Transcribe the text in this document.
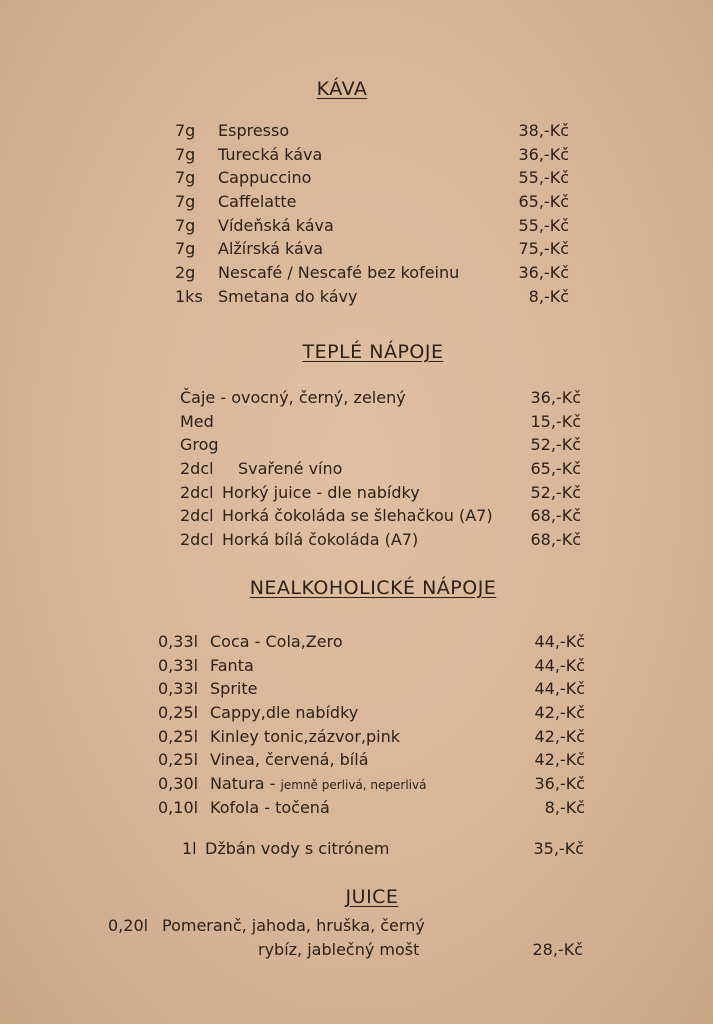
KÁVA
7g Espresso	38,-Kč
7g Turecká káva	36,-Kč
7g Cappuccino	55,-Kč
7g Caffelatte	65,-Kč
7g Vídeňská káva	55,-Kč
7g Alžírská káva	75,-Kč
2g Nescafé / Nescafé bez kofeinu	36,-Kč
1ks Smetana do kávy	8,-Kč
TEPLÉ NÁPOJE
Čaje - ovocný, černý, zelený	36,-Kč
Med	15,-Kč
Grog	52,-Kč
2dcl Svařené víno	65,-Kč
2dcl Horký juice - dle nabídky	52,-Kč
2dcl Horká čokoláda se šlehačkou (A7) 68,-Kč
2dcl Horká bílá čokoláda (A7)	68,-Kč
NEALKOHOLICKÉ NÁPOJE
0,33l Coca - Cola,Zero	44,-Kč
0,33l Fanta	44,-Kč
0,33l Sprite	44,-Kč
0,25l Cappy,dle nabídky	42,-Kč
0,25l Kinley tonic,zázvor,pink	42,-Kč
0,25l Vinea, červená, bílá	42,-Kč
0,30l Natura - jemně perlivá, neperlivá	36,-Kč
0,10l Kofola - točená	8,-Kč
1l Džbán vody s citrónem	35,-Kč
JUICE
0,20l Pomeranč, jahoda, hruška, černý
rybíz, jablečný mošt	28,-Kč
